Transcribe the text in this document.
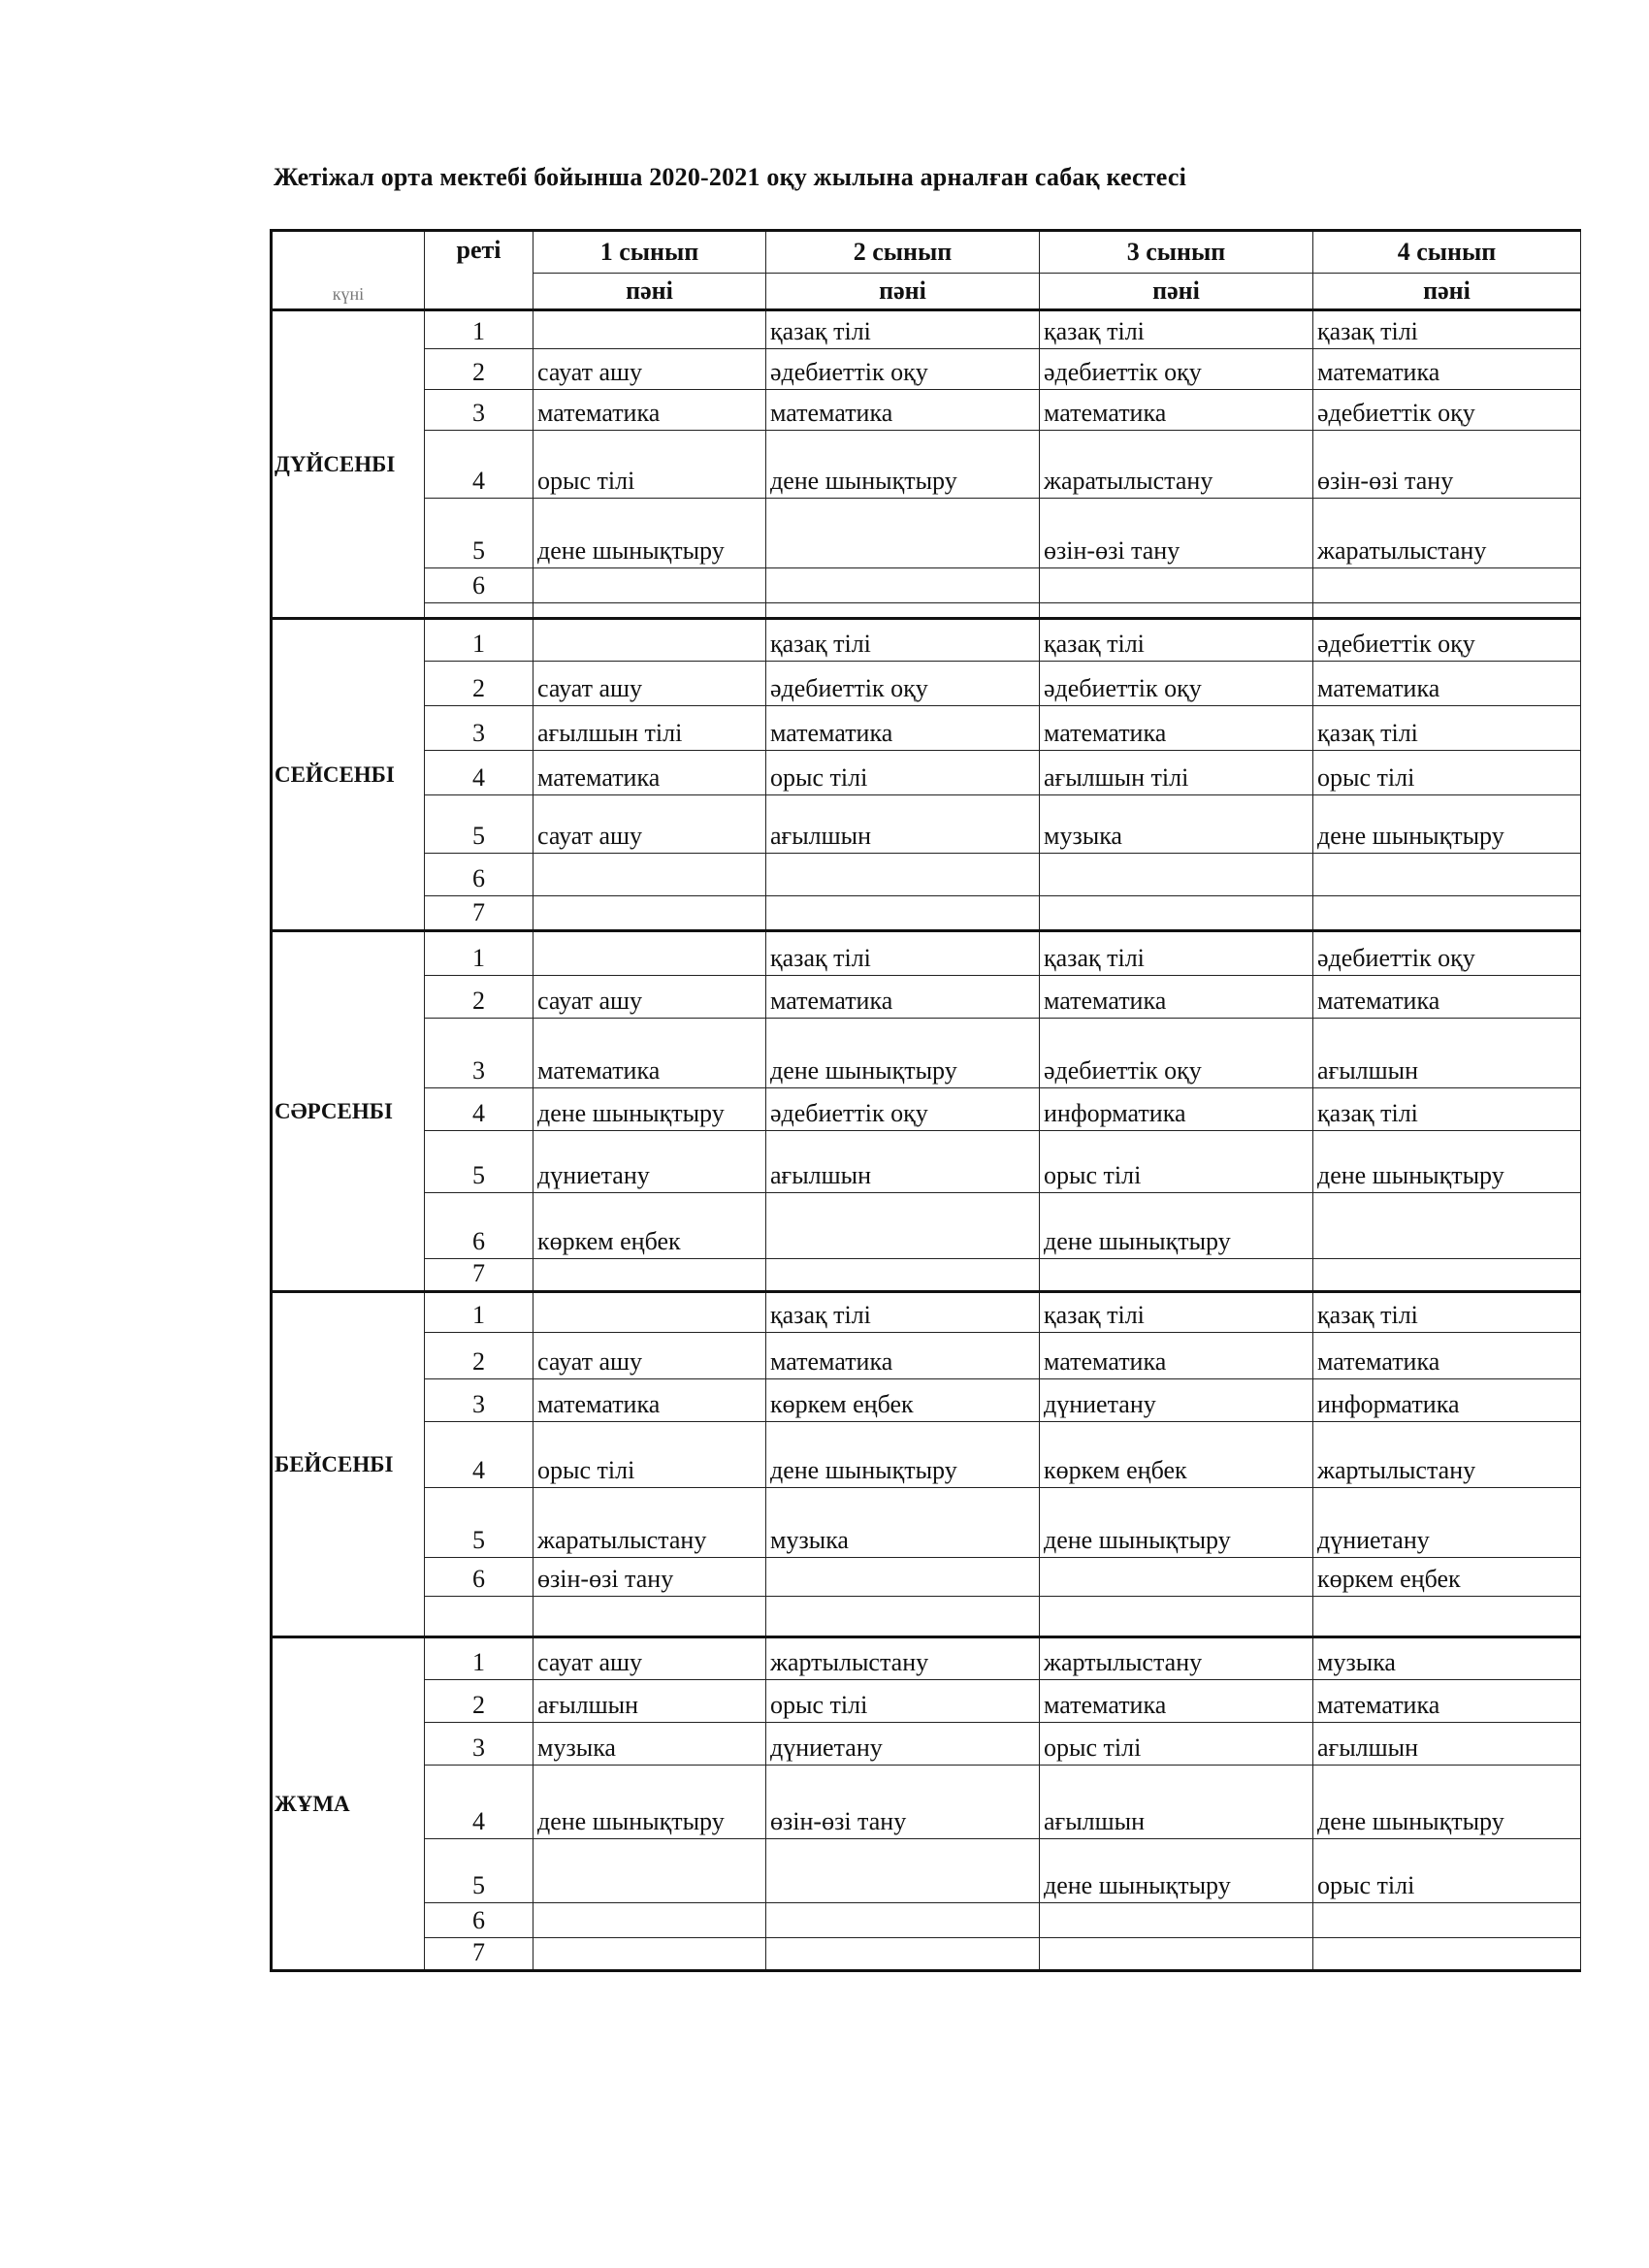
Жетіжал орта мектебі бойынша 2020-2021 оқу жылына арналған сабақ кестесі
күні	реті	1 сынып	2 сынып	3 сынып	4 сынып
		пәні	пәні	пәні	пәні
ДҮЙСЕНБІ	1		қазақ тілі	қазақ тілі	қазақ тілі
	2	сауат ашу	әдебиеттік оқу	әдебиеттік оқу	математика
	3	математика	математика	математика	әдебиеттік оқу
	4	орыс тілі	дене шынықтыру	жаратылыстану	өзін-өзі тану
	5	дене шынықтыру		өзін-өзі тану	жаратылыстану
	6				

СЕЙСЕНБІ	1		қазақ тілі	қазақ тілі	әдебиеттік оқу
	2	сауат ашу	әдебиеттік оқу	әдебиеттік оқу	математика
	3	ағылшын тілі	математика	математика	қазақ тілі
	4	математика	орыс тілі	ағылшын тілі	орыс тілі
	5	сауат ашу	ағылшын	музыка	дене шынықтыру
	6				
	7				
СӘРСЕНБІ	1		қазақ тілі	қазақ тілі	әдебиеттік оқу
	2	сауат ашу	математика	математика	математика
	3	математика	дене шынықтыру	әдебиеттік оқу	ағылшын
	4	дене шынықтыру	әдебиеттік оқу	информатика	қазақ тілі
	5	дүниетану	ағылшын	орыс тілі	дене шынықтыру
	6	көркем еңбек		дене шынықтыру	
	7				
БЕЙСЕНБІ	1		қазақ тілі	қазақ тілі	қазақ тілі
	2	сауат ашу	математика	математика	математика
	3	математика	көркем еңбек	дүниетану	информатика
	4	орыс тілі	дене шынықтыру	көркем еңбек	жартылыстану
	5	жаратылыстану	музыка	дене шынықтыру	дүниетану
	6	өзін-өзі тану			көркем еңбек

ЖҰМА	1	сауат ашу	жартылыстану	жартылыстану	музыка
	2	ағылшын	орыс тілі	математика	математика
	3	музыка	дүниетану	орыс тілі	ағылшын
	4	дене шынықтыру	өзін-өзі тану	ағылшын	дене шынықтыру
	5			дене шынықтыру	орыс тілі
	6				
	7				
